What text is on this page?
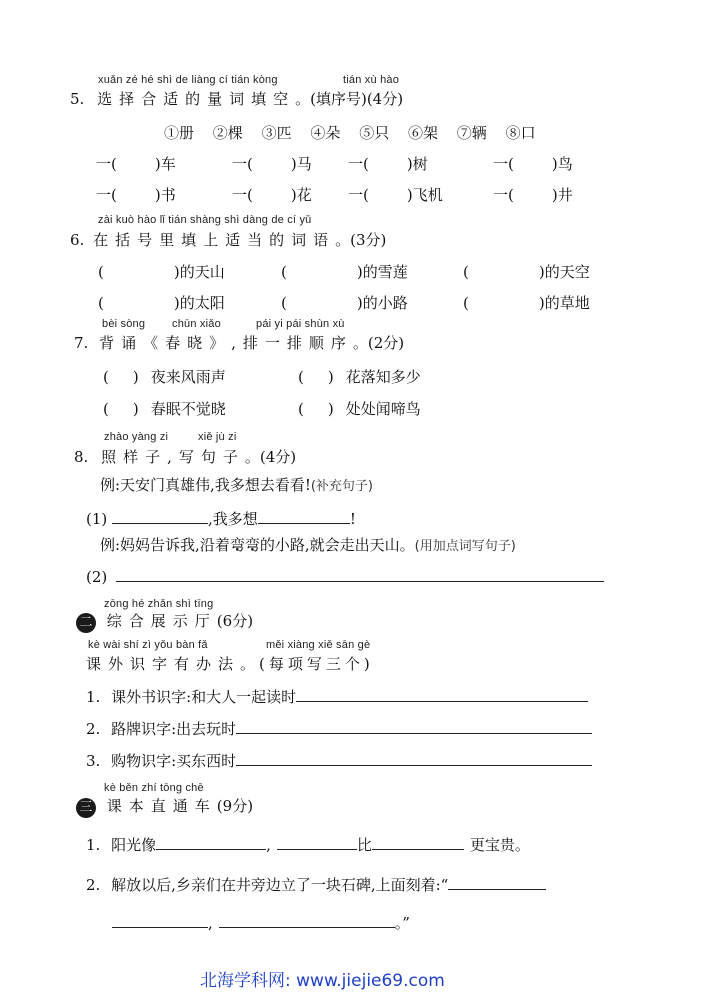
xuǎn zé hé shì de liàng cí tián kòng	tián xù hào
5. 选择合适的量词填空。(填序号)(4分)
①册 ②棵 ③匹 ④朵 ⑤只 ⑥架 ⑦辆 ⑧口
一(	)车	一(	)马 一(	)树	一(	)鸟
一(	)书	一(	)花 一(	)飞机	一(	)井
zài kuò hào lǐ tián shàng shì dàng de cí yǔ
6. 在括号里填上适当的词语。(3分)
(	)的天山	(	)的雪莲	(	)的天空
(	)的太阳	(	)的小路	(	)的草地
bèi sòng chūn xiǎo	pái yi pái shùn xù
7. 背诵《春晓》,排一排顺序。(2分)
( ) 夜来风雨声	( ) 花落知多少
( ) 春眠不觉晓	( ) 处处闻啼鸟
zhào yàng zi	xiě jù zi
8. 照样子,写句子。(4分)
例:天安门真雄伟,我多想去看看!(补充句子)
(1)	,我多想	!
例:妈妈告诉我,沿着弯弯的小路,就会走出天山。(用加点词写句子)
(2)
zōng hé zhǎn shì tīng
二 综合展示厅(6分)
kè wài shí zì yǒu bàn fǎ	měi xiàng xiě sān gè
课外识字有办法。(每项写三个)
1. 课外书识字:和大人一起读时
2. 路牌识字:出去玩时
3. 购物识字:买东西时
kè běn zhí tōng chē
三 课本直通车(9分)
1. 阳光像	,	比	更宝贵。
2. 解放以后,乡亲们在井旁边立了一块石碑,上面刻着:“
,	。”
北海学科网: www.jiejie69.com
